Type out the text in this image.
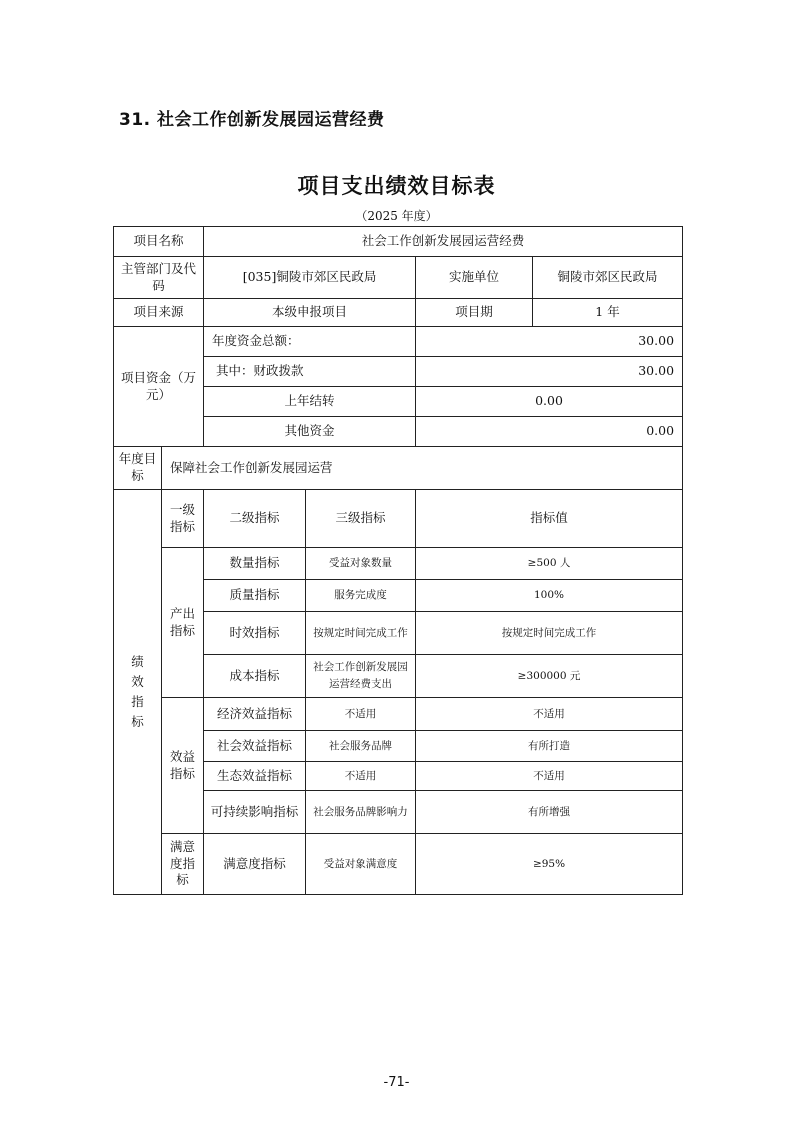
31. 社会工作创新发展园运营经费
项目支出绩效目标表
（2025 年度）
项目名称		社会工作创新发展园运营经费			
主管部门及代码		[035]铜陵市郊区民政局		实施单位	铜陵市郊区民政局
项目来源		本级申报项目		项目期	1 年
项目资金（万元）		年度资金总额：		30.00	
		其中：财政拨款		30.00	
		上年结转		0.00	
		其他资金		0.00	
年度目标	保障社会工作创新发展园运营				
绩
效
指
标	一级指标	二级指标	三级指标	指标值	
	产出指标	数量指标	受益对象数量	≥500 人	
		质量指标	服务完成度	100%	
		时效指标	按规定时间完成工作	按规定时间完成工作	
		成本指标	社会工作创新发展园运营经费支出	≥300000 元	
	效益指标	经济效益指标	不适用	不适用	
		社会效益指标	社会服务品牌	有所打造	
		生态效益指标	不适用	不适用	
		可持续影响指标	社会服务品牌影响力	有所增强	
	满意度指标	满意度指标	受益对象满意度	≥95%	
-71-
